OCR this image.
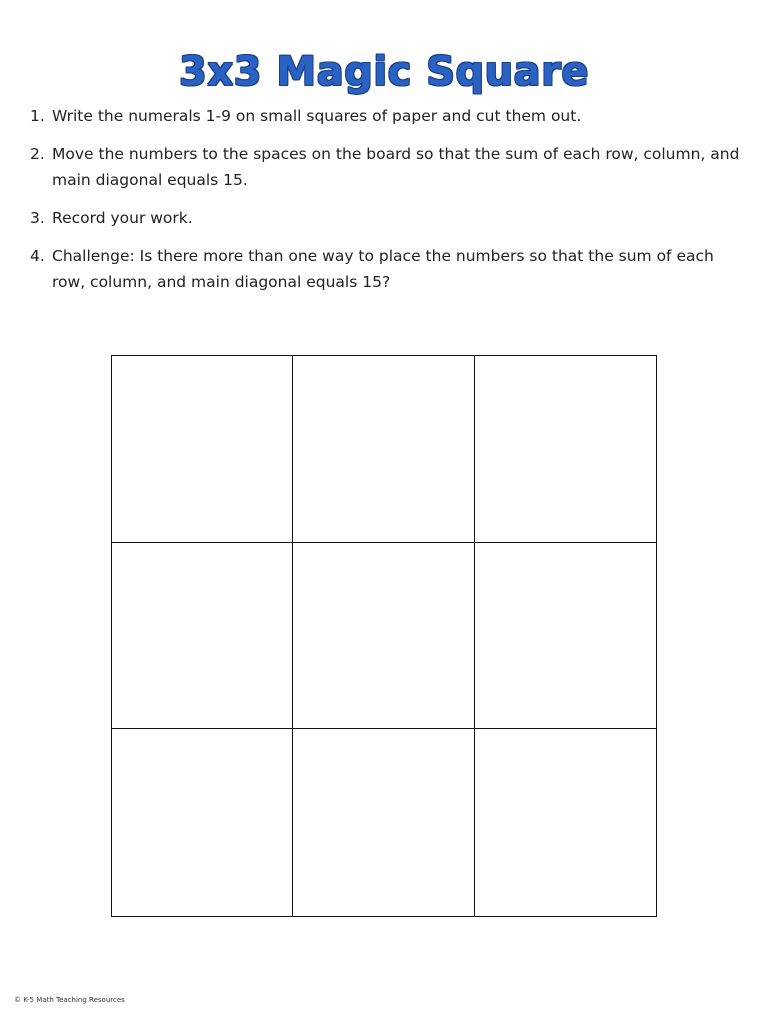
3x3 Magic Square
1. Write the numerals 1-9 on small squares of paper and cut them out.
2. Move the numbers to the spaces on the board so that the sum of each row, column, and main diagonal equals 15.
3. Record your work.
4. Challenge: Is there more than one way to place the numbers so that the sum of each row, column, and main diagonal equals 15?
© K-5 Math Teaching Resources
